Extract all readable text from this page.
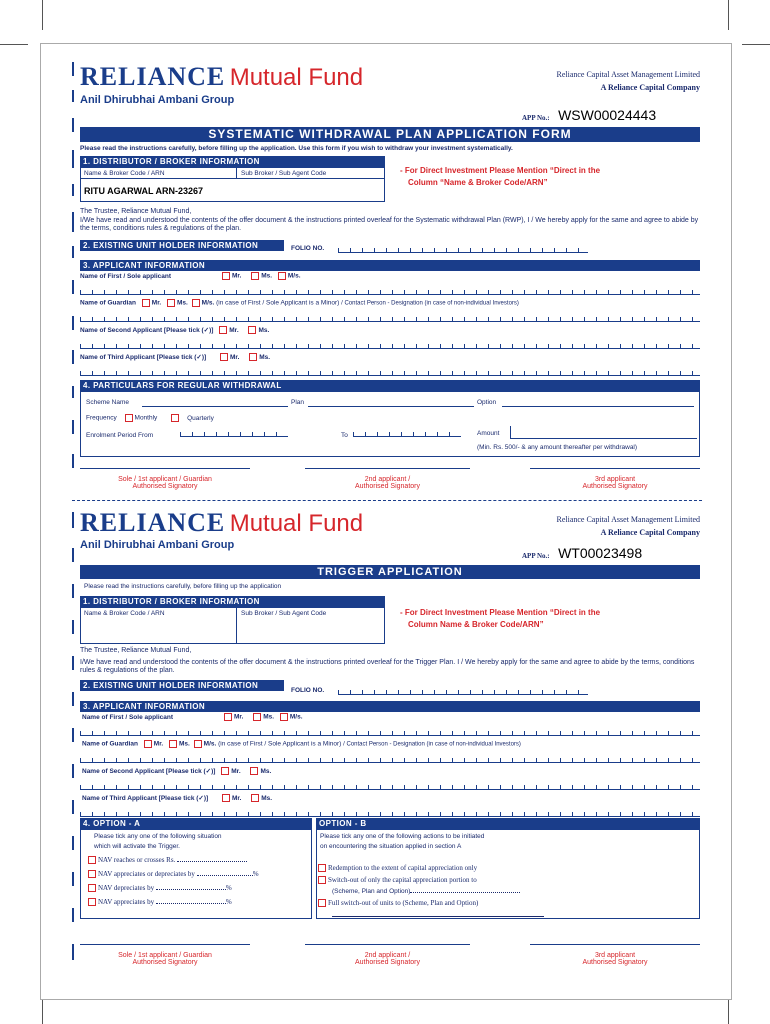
RELIANCE Mutual Fund
Anil Dhirubhai Ambani Group
Reliance Capital Asset Management Limited
A Reliance Capital Company
APP No.: WSW00024443
SYSTEMATIC WITHDRAWAL PLAN APPLICATION FORM
Please read the instructions carefully, before filling up the application. Use this form if you wish to withdraw your investment systematically.
1. DISTRIBUTOR / BROKER INFORMATION
Name & Broker Code / ARN	Sub Broker / Sub Agent Code
RITU AGARWAL ARN-23267
- For Direct Investment Please Mention “Direct in the
Column “Name & Broker Code/ARN”
The Trustee, Reliance Mutual Fund,
I/We have read and understood the contents of the offer document & the instructions printed overleaf for the Systematic withdrawal Plan (RWP), I / We hereby apply for the same and agree to abide by the terms, conditions rules & regulations of the plan.
2. EXISTING UNIT HOLDER INFORMATION	FOLIO NO.
3. APPLICANT INFORMATION
Name of First / Sole applicant	Mr.	Ms. M/s.
Name of Guardian Mr. Ms. M/s. (in case of First / Sole Applicant is a Minor) / Contact Person - Designation (in case of non-individual Investors)
Name of Second Applicant [Please tick (✓)] Mr.	Ms.
Name of Third Applicant [Please tick (✓)]	Mr.	Ms.
4. PARTICULARS FOR REGULAR WITHDRAWAL
Scheme Name	Plan	Option
Frequency	Monthly	Quarterly
Enrolment Period From	To	Amount
(Min. Rs. 500/- & any amount thereafter per withdrawal)
Sole / 1st applicant / Guardian
Authorised Signatory
2nd applicant /
Authorised Signatory
3rd applicant
Authorised Signatory
RELIANCE Mutual Fund
Anil Dhirubhai Ambani Group
Reliance Capital Asset Management Limited
A Reliance Capital Company
APP No.: WT00023498
TRIGGER APPLICATION
Please read the instructions carefully, before filling up the application
1. DISTRIBUTOR / BROKER INFORMATION
Name & Broker Code / ARN	Sub Broker / Sub Agent Code	- For Direct Investment Please Mention “Direct in the
Column Name & Broker Code/ARN”
The Trustee, Reliance Mutual Fund,
I/We have read and understood the contents of the offer document & the instructions printed overleaf for the Trigger Plan. I / We hereby apply for the same and agree to abide by the terms, conditions rules & regulations of the plan.
2. EXISTING UNIT HOLDER INFORMATION
FOLIO NO.
3. APPLICANT INFORMATION
Name of First / Sole applicant	Mr.	Ms. M/s.
Name of Guardian Mr. Ms. M/s. (in case of First / Sole Applicant is a Minor) / Contact Person - Designation (in case of non-individual Investors)
Name of Second Applicant [Please tick (✓)] Mr.	Ms.
Name of Third Applicant [Please tick (✓)]	Mr.	Ms.
4. OPTION - A	OPTION - B
Please tick any one of the following situation
which will activate the Trigger.
NAV reaches or crosses Rs.
NAV appreciates or depreciates by	%
NAV depreciates by	%
NAV appreciates by	%
Please tick any one of the following actions to be initiated
on encountering the situation applied in section A
Redemption to the extent of capital appreciation only
Switch-out of only the capital appreciation portion to
(Scheme, Plan and Option)
Full switch-out of units to (Scheme, Plan and Option)
Sole / 1st applicant / Guardian
Authorised Signatory
2nd applicant /
Authorised Signatory
3rd applicant
Authorised Signatory
